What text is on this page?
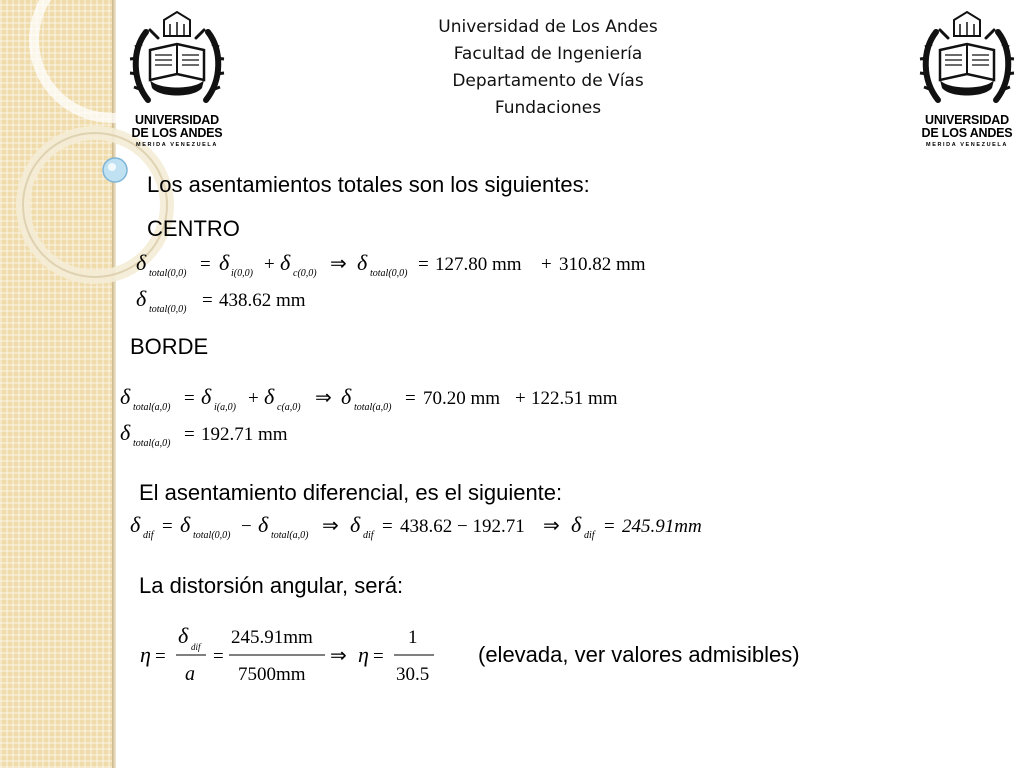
Universidad de Los Andes
Facultad de Ingeniería
Departamento de Vías
Fundaciones
UNIVERSIDAD
DE LOS ANDES
MERIDA VENEZUELA
UNIVERSIDAD
DE LOS ANDES
MERIDA VENEZUELA
Los asentamientos totales son los siguientes:
CENTRO
BORDE
El asentamiento diferencial, es el siguiente:
La distorsión angular, será:
(elevada, ver valores admisibles)
δ total(0,0) = δ i(0,0) + δ c(0,0) ⇒ δ total(0,0) = 127.80 mm + 310.82 mm
δ total(0,0) = 438.62 mm
δ total(a,0) = δ i(a,0) + δ c(a,0) ⇒ δ total(a,0) = 70.20 mm + 122.51 mm
δ total(a,0) = 192.71 mm
δ dif = δ total(0,0) − δ total(a,0) ⇒ δ dif = 438.62 − 192.71 ⇒ δ dif = 245.91mm
η =
δ dif
a
=
245.91mm
7500mm
⇒ η =
1
30.5
